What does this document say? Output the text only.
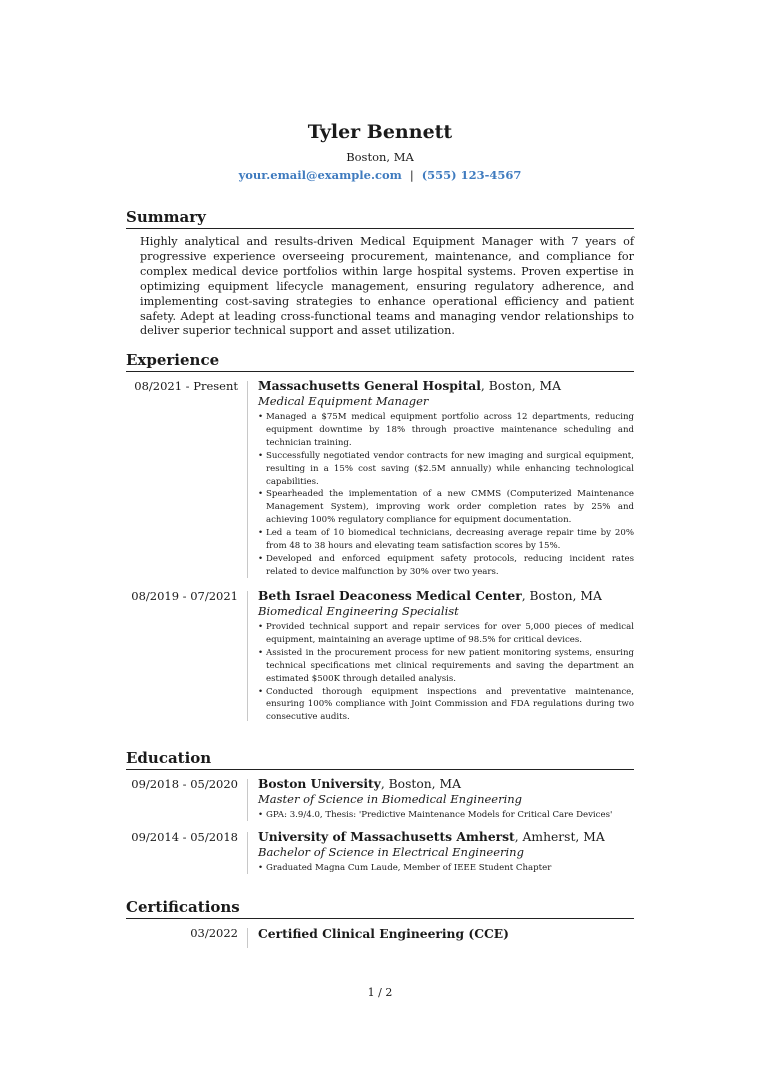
Tyler Bennett
Boston, MA
your.email@example.com | (555) 123-4567
Summary
Highly analytical and results-driven Medical Equipment Manager with 7 years of progressive experience overseeing procurement, maintenance, and compliance for complex medical device portfolios within large hospital systems. Proven expertise in optimizing equipment lifecycle management, ensuring regulatory adherence, and implementing cost-saving strategies to enhance operational efficiency and patient safety. Adept at leading cross-functional teams and managing vendor relationships to deliver superior technical support and asset utilization.
Experience
08/2021 - Present Massachusetts General Hospital, Boston, MA
Medical Equipment Manager
• Managed a $75M medical equipment portfolio across 12 departments, reducing equipment downtime by 18% through proactive maintenance scheduling and technician training.
• Successfully negotiated vendor contracts for new imaging and surgical equipment, resulting in a 15% cost saving ($2.5M annually) while enhancing technological capabilities.
• Spearheaded the implementation of a new CMMS (Computerized Maintenance Management System), improving work order completion rates by 25% and achieving 100% regulatory compliance for equipment documentation.
• Led a team of 10 biomedical technicians, decreasing average repair time by 20% from 48 to 38 hours and elevating team satisfaction scores by 15%.
• Developed and enforced equipment safety protocols, reducing incident rates related to device malfunction by 30% over two years.
08/2019 - 07/2021 Beth Israel Deaconess Medical Center, Boston, MA
Biomedical Engineering Specialist
• Provided technical support and repair services for over 5,000 pieces of medical equipment, maintaining an average uptime of 98.5% for critical devices.
• Assisted in the procurement process for new patient monitoring systems, ensuring technical specifications met clinical requirements and saving the department an estimated $500K through detailed analysis.
• Conducted thorough equipment inspections and preventative maintenance, ensuring 100% compliance with Joint Commission and FDA regulations during two consecutive audits.
Education
09/2018 - 05/2020 Boston University, Boston, MA
Master of Science in Biomedical Engineering
• GPA: 3.9/4.0, Thesis: 'Predictive Maintenance Models for Critical Care Devices'
09/2014 - 05/2018 University of Massachusetts Amherst, Amherst, MA
Bachelor of Science in Electrical Engineering
• Graduated Magna Cum Laude, Member of IEEE Student Chapter
Certifications
03/2022 Certified Clinical Engineering (CCE)
1 / 2
